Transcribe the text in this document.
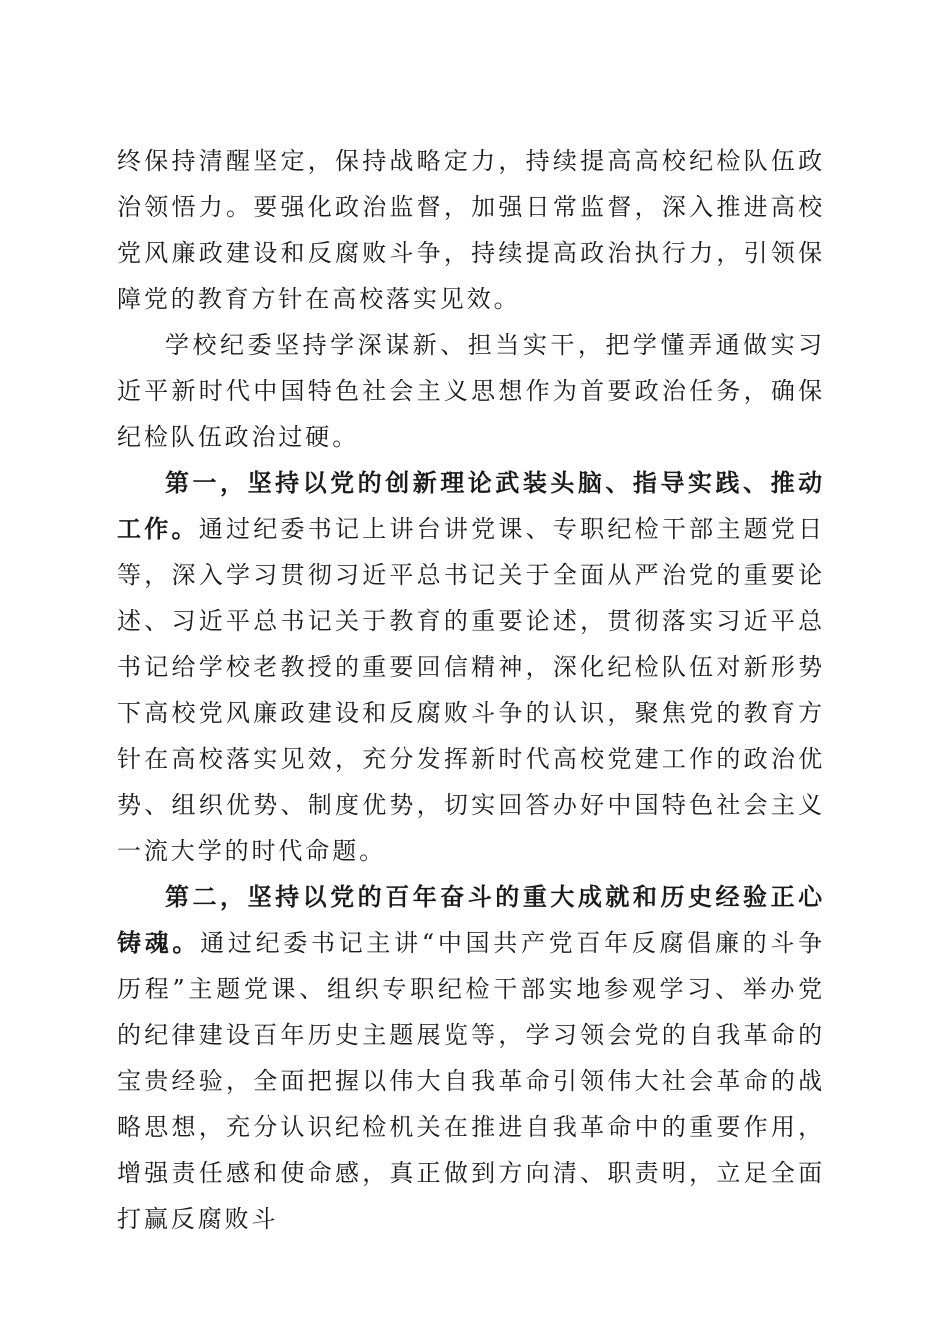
终保持清醒坚定，保持战略定力，持续提高高校纪检队伍政治领悟力。要强化政治监督，加强日常监督，深入推进高校党风廉政建设和反腐败斗争，持续提高政治执行力，引领保障党的教育方针在高校落实见效。

学校纪委坚持学深谋新、担当实干，把学懂弄通做实习近平新时代中国特色社会主义思想作为首要政治任务，确保纪检队伍政治过硬。

第一，坚持以党的创新理论武装头脑、指导实践、推动工作。通过纪委书记上讲台讲党课、专职纪检干部主题党日等，深入学习贯彻习近平总书记关于全面从严治党的重要论述、习近平总书记关于教育的重要论述，贯彻落实习近平总书记给学校老教授的重要回信精神，深化纪检队伍对新形势下高校党风廉政建设和反腐败斗争的认识，聚焦党的教育方针在高校落实见效，充分发挥新时代高校党建工作的政治优势、组织优势、制度优势，切实回答办好中国特色社会主义一流大学的时代命题。

第二，坚持以党的百年奋斗的重大成就和历史经验正心铸魂。通过纪委书记主讲“中国共产党百年反腐倡廉的斗争历程”主题党课、组织专职纪检干部实地参观学习、举办党的纪律建设百年历史主题展览等，学习领会党的自我革命的宝贵经验，全面把握以伟大自我革命引领伟大社会革命的战略思想，充分认识纪检机关在推进自我革命中的重要作用，增强责任感和使命感，真正做到方向清、职责明，立足全面打赢反腐败斗
